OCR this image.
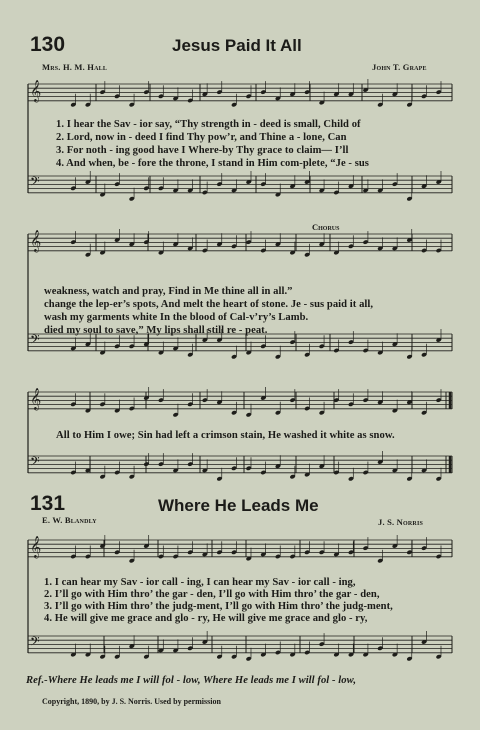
𝄞
𝄢
𝄞
𝄢
𝄞
𝄢
𝄞
𝄢
130	Jesus Paid It All
Mrs. H. M. Hall	John T. Grape
1. I hear the Sav - ior say, “Thy strength in - deed is small, Child of
2. Lord, now in - deed I find Thy pow’r, and Thine a - lone, Can
3. For noth - ing good have I Where-by Thy grace to claim— I’ll
4. And when, be - fore the throne, I stand in Him com-plete, “Je - sus
Chorus
weakness, watch and pray, Find in Me thine all in all.”
change the lep-er’s spots, And melt the heart of stone. Je - sus paid it all,
wash my garments white In the blood of Cal-v’ry’s Lamb.
died my soul to save,” My lips shall still re - peat.
All to Him I owe; Sin had left a crimson stain, He washed it white as snow.
131	Where He Leads Me
E. W. Blandly	J. S. Norris
1. I can hear my Sav - ior call - ing, I can hear my Sav - ior call - ing,
2. I’ll go with Him thro’ the gar - den, I’ll go with Him thro’ the gar - den,
3. I’ll go with Him thro’ the judg-ment, I’ll go with Him thro’ the judg-ment,
4. He will give me grace and glo - ry, He will give me grace and glo - ry,
Ref.-Where He leads me I will fol - low, Where He leads me I will fol - low,
Copyright, 1890, by J. S. Norris. Used by permission
